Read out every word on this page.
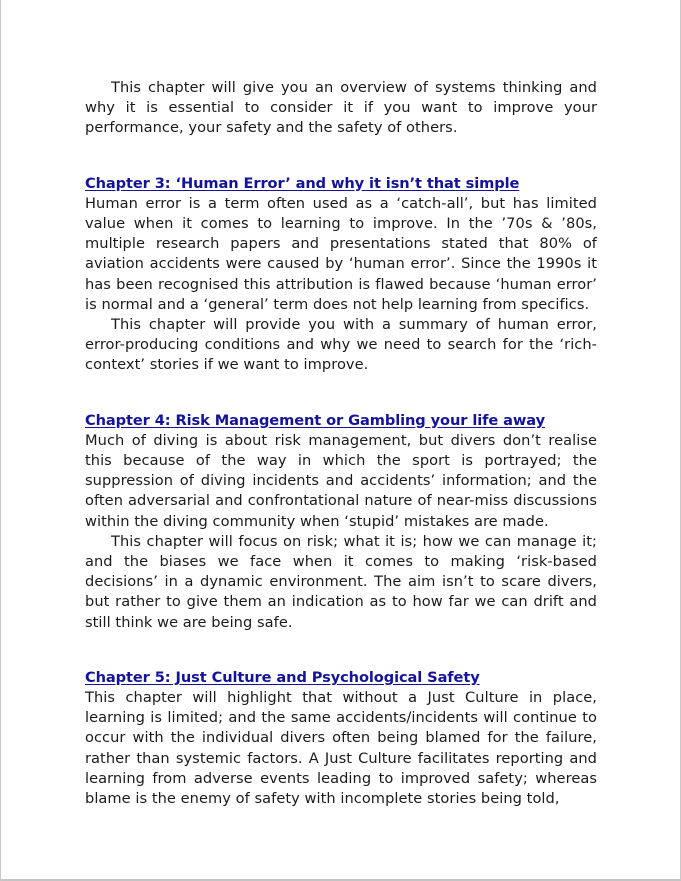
This chapter will give you an overview of systems thinking and why it is essential to consider it if you want to improve your performance, your safety and the safety of others.

Chapter 3: ‘Human Error’ and why it isn’t that simple

Human error is a term often used as a ‘catch-all’, but has limited value when it comes to learning to improve. In the ’70s & ’80s, multiple research papers and presentations stated that 80% of aviation accidents were caused by ‘human error’. Since the 1990s it has been recognised this attribution is flawed because ‘human error’ is normal and a ‘general’ term does not help learning from specifics.

This chapter will provide you with a summary of human error, error-producing conditions and why we need to search for the ‘rich-context’ stories if we want to improve.

Chapter 4: Risk Management or Gambling your life away

Much of diving is about risk management, but divers don’t realise this because of the way in which the sport is portrayed; the suppression of diving incidents and accidents’ information; and the often adversarial and confrontational nature of near-miss discussions within the diving community when ‘stupid’ mistakes are made.

This chapter will focus on risk; what it is; how we can manage it; and the biases we face when it comes to making ‘risk-based decisions’ in a dynamic environment. The aim isn’t to scare divers, but rather to give them an indication as to how far we can drift and still think we are being safe.

Chapter 5: Just Culture and Psychological Safety

This chapter will highlight that without a Just Culture in place, learning is limited; and the same accidents/incidents will continue to occur with the individual divers often being blamed for the failure, rather than systemic factors. A Just Culture facilitates reporting and learning from adverse events leading to improved safety; whereas blame is the enemy of safety with incomplete stories being told,
